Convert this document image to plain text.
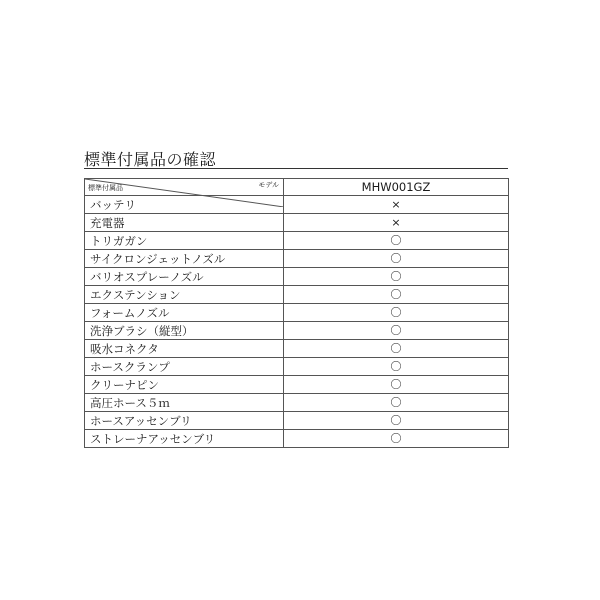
標準付属品の確認
モデル
標準付属品	MHW001GZ
バッテリ	×
充電器	×
トリガガン	〇
サイクロンジェットノズル	〇
バリオスプレーノズル	〇
エクステンション	〇
フォームノズル	〇
洗浄ブラシ（縦型）	〇
吸水コネクタ	〇
ホースクランプ	〇
クリーナピン	〇
高圧ホース５ｍ	〇
ホースアッセンブリ	〇
ストレーナアッセンブリ	〇
